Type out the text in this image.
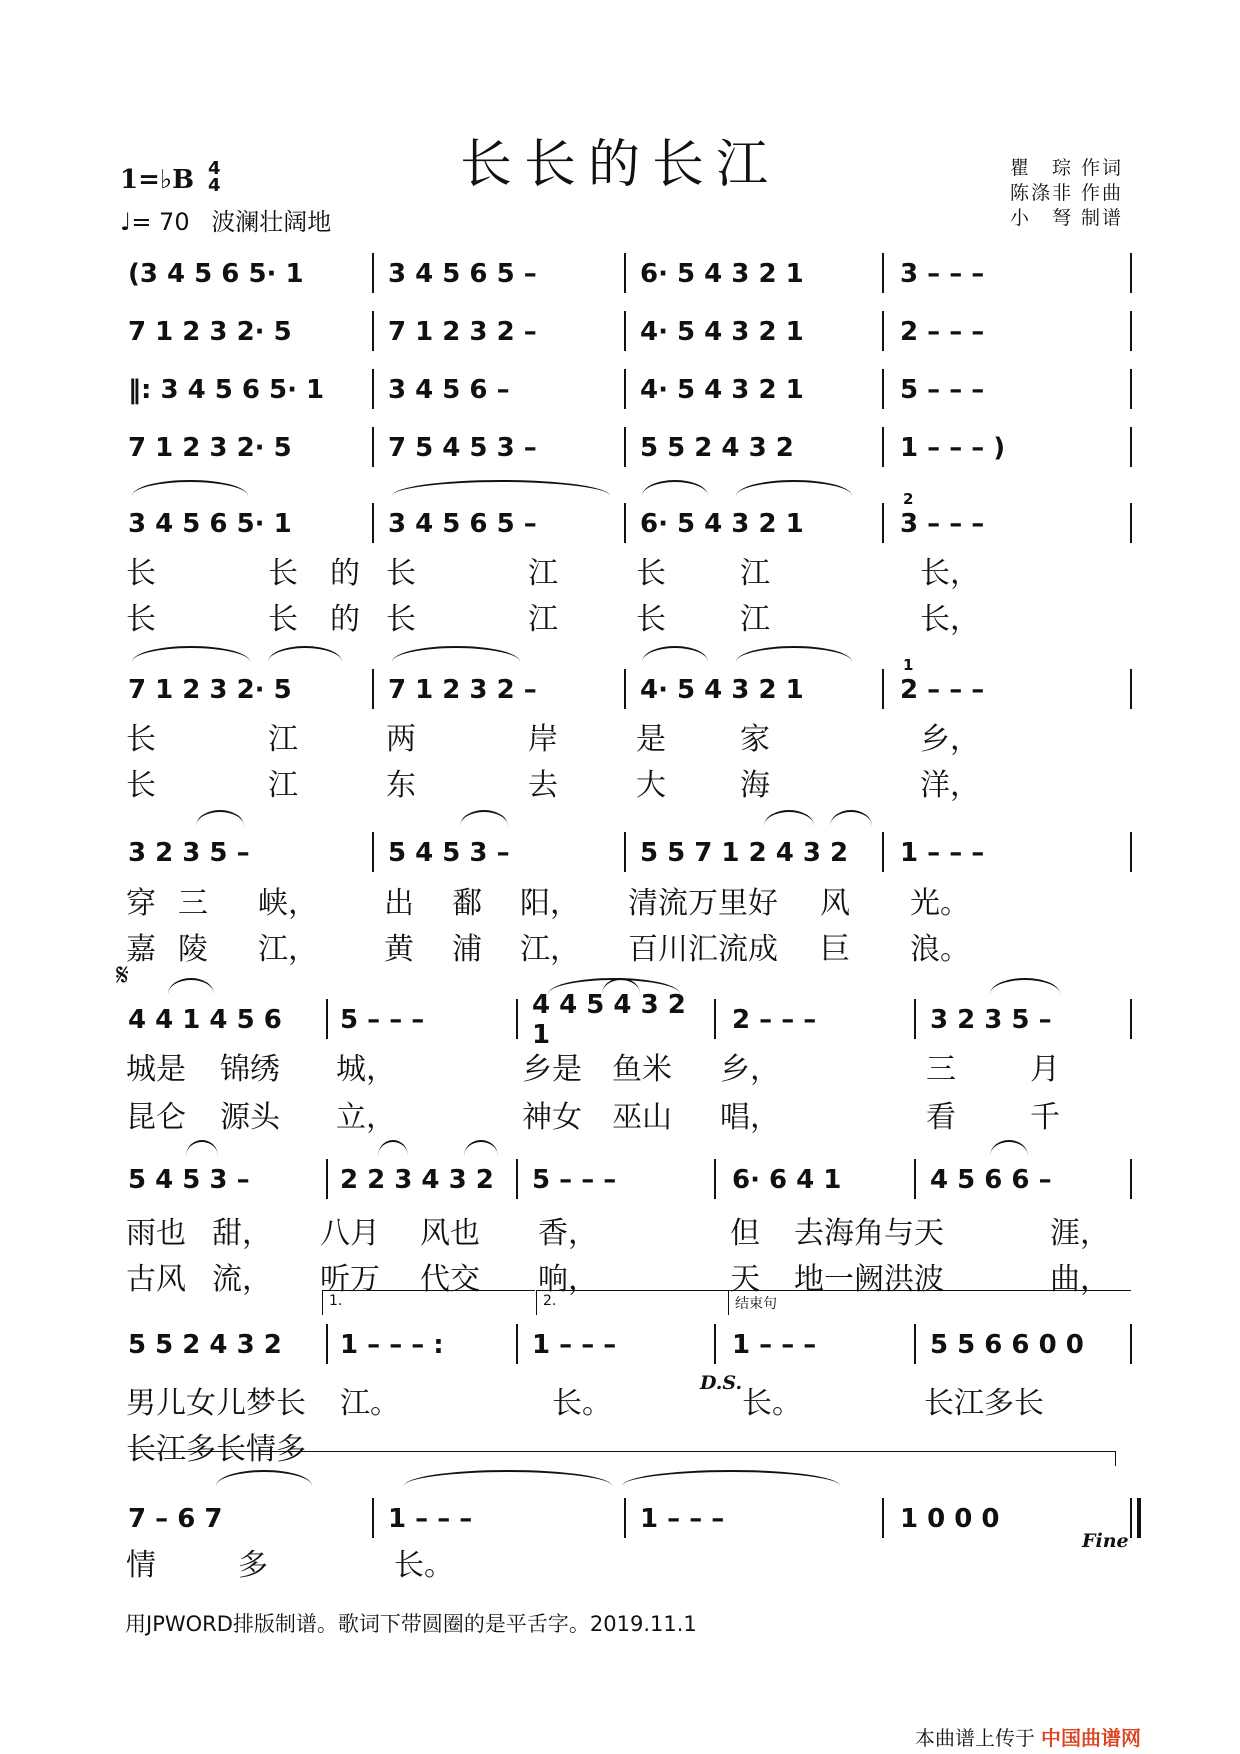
长长的长江
1=♭B 4
4
♩= 70 波澜壮阔地
瞿　琮 作词
陈涤非 作曲
小　弩 制谱
(3 4 5 6 5· 1	3 4 5 6 5 –	6· 5 4 3 2 1	3 – – –
7 1 2 3 2· 5	7 1 2 3 2 –	4· 5 4 3 2 1	2 – – –
‖: 3 4 5 6 5· 1	3 4 5 6 –	4· 5 4 3 2 1	5 – – –
7 1 2 3 2· 5	7 5 4 5 3 –	5 5 2 4 3 2	1 – – – )
3 4 5 6 5· 1	3 4 5 6 5 –	6· 5 4 3 2 1	3 – – –
7 1 2 3 2· 5	7 1 2 3 2 –	4· 5 4 3 2 1	2 – – –
3 2 3 5 –	5 4 5 3 –	5 5 7 1 2 4 3 2	1 – – –
4 4 1 4 5 6	5 – – –	4 4 5 4 3 2 1	2 – – –	3 2 3 5 –
5 4 5 3 –	2 2 3 4 3 2	5 – – –	6· 6 4 1	4 5 6 6 –
5 5 2 4 3 2	1 – – – :	1 – – –	1 – – –	5 5 6 6 0 0
7 – 6 7	1 – – –	1 – – –	1 0 0 0
长	长 的 长	江	长 江	长，
长	长 的 长	江	长 江	长，
长	江	两	岸	是 家	乡，
长	江	东	去	大 海	洋，
穿 三 峡， 出 鄱 阳， 清流万里好 风 光。
嘉 陵 江， 黄 浦 江， 百川汇流成 巨 浪。
城是 锦绣 城，	乡是 鱼米 乡，	三 月
昆仑 源头 立，	神女 巫山 唱，	看 千
雨也 甜， 八月 风也 香，	但 去海角与天	涯，
古风 流， 听万 代交 响，	天 地一阙洪波	曲，
男儿女儿梦长 江。	长。	长。	长江多长
长江多长情多
情	多	长。
𝄋
1.	2.	结束句
D.S.
Fine
2
1
用JPWORD排版制谱。歌词下带圆圈的是平舌字。2019.11.1
本曲谱上传于 中国曲谱网
